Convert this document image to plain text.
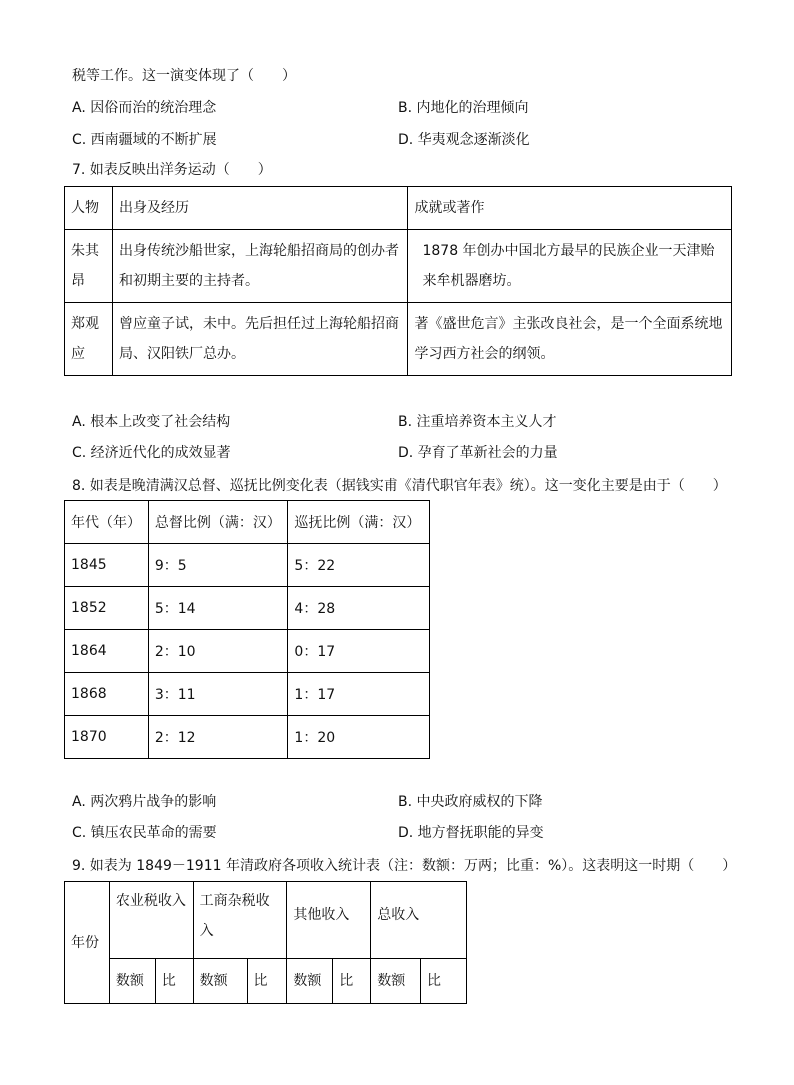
税等工作。这一演变体现了（　　）
A. 因俗而治的统治理念	B. 内地化的治理倾向
C. 西南疆域的不断扩展	D. 华夷观念逐渐淡化
7. 如表反映出洋务运动（　　）
人物	出身及经历	成就或著作
朱其昂	出身传统沙船世家，上海轮船招商局的创办者和初期主要的主持者。	1878 年创办中国北方最早的民族企业一天津贻来牟机器磨坊。
郑观应	曾应童子试，未中。先后担任过上海轮船招商局、汉阳铁厂总办。	著《盛世危言》主张改良社会，是一个全面系统地学习西方社会的纲领。
A. 根本上改变了社会结构	B. 注重培养资本主义人才
C. 经济近代化的成效显著	D. 孕育了革新社会的力量
8. 如表是晚清满汉总督、巡抚比例变化表（据钱实甫《清代职官年表》统）。这一变化主要是由于（　　）
年代（年）	总督比例（满：汉）	巡抚比例（满：汉）
1845	9：5	5：22
1852	5：14	4：28
1864	2：10	0：17
1868	3：11	1：17
1870	2：12	1：20
A. 两次鸦片战争的影响	B. 中央政府威权的下降
C. 镇压农民革命的需要	D. 地方督抚职能的异变
9. 如表为 1849－1911 年清政府各项收入统计表（注：数额：万两；比重：%）。这表明这一时期（　　）
年份	农业税收入		工商杂税收入		其他收入		总收入	
	数额	比	数额	比	数额	比	数额	比
